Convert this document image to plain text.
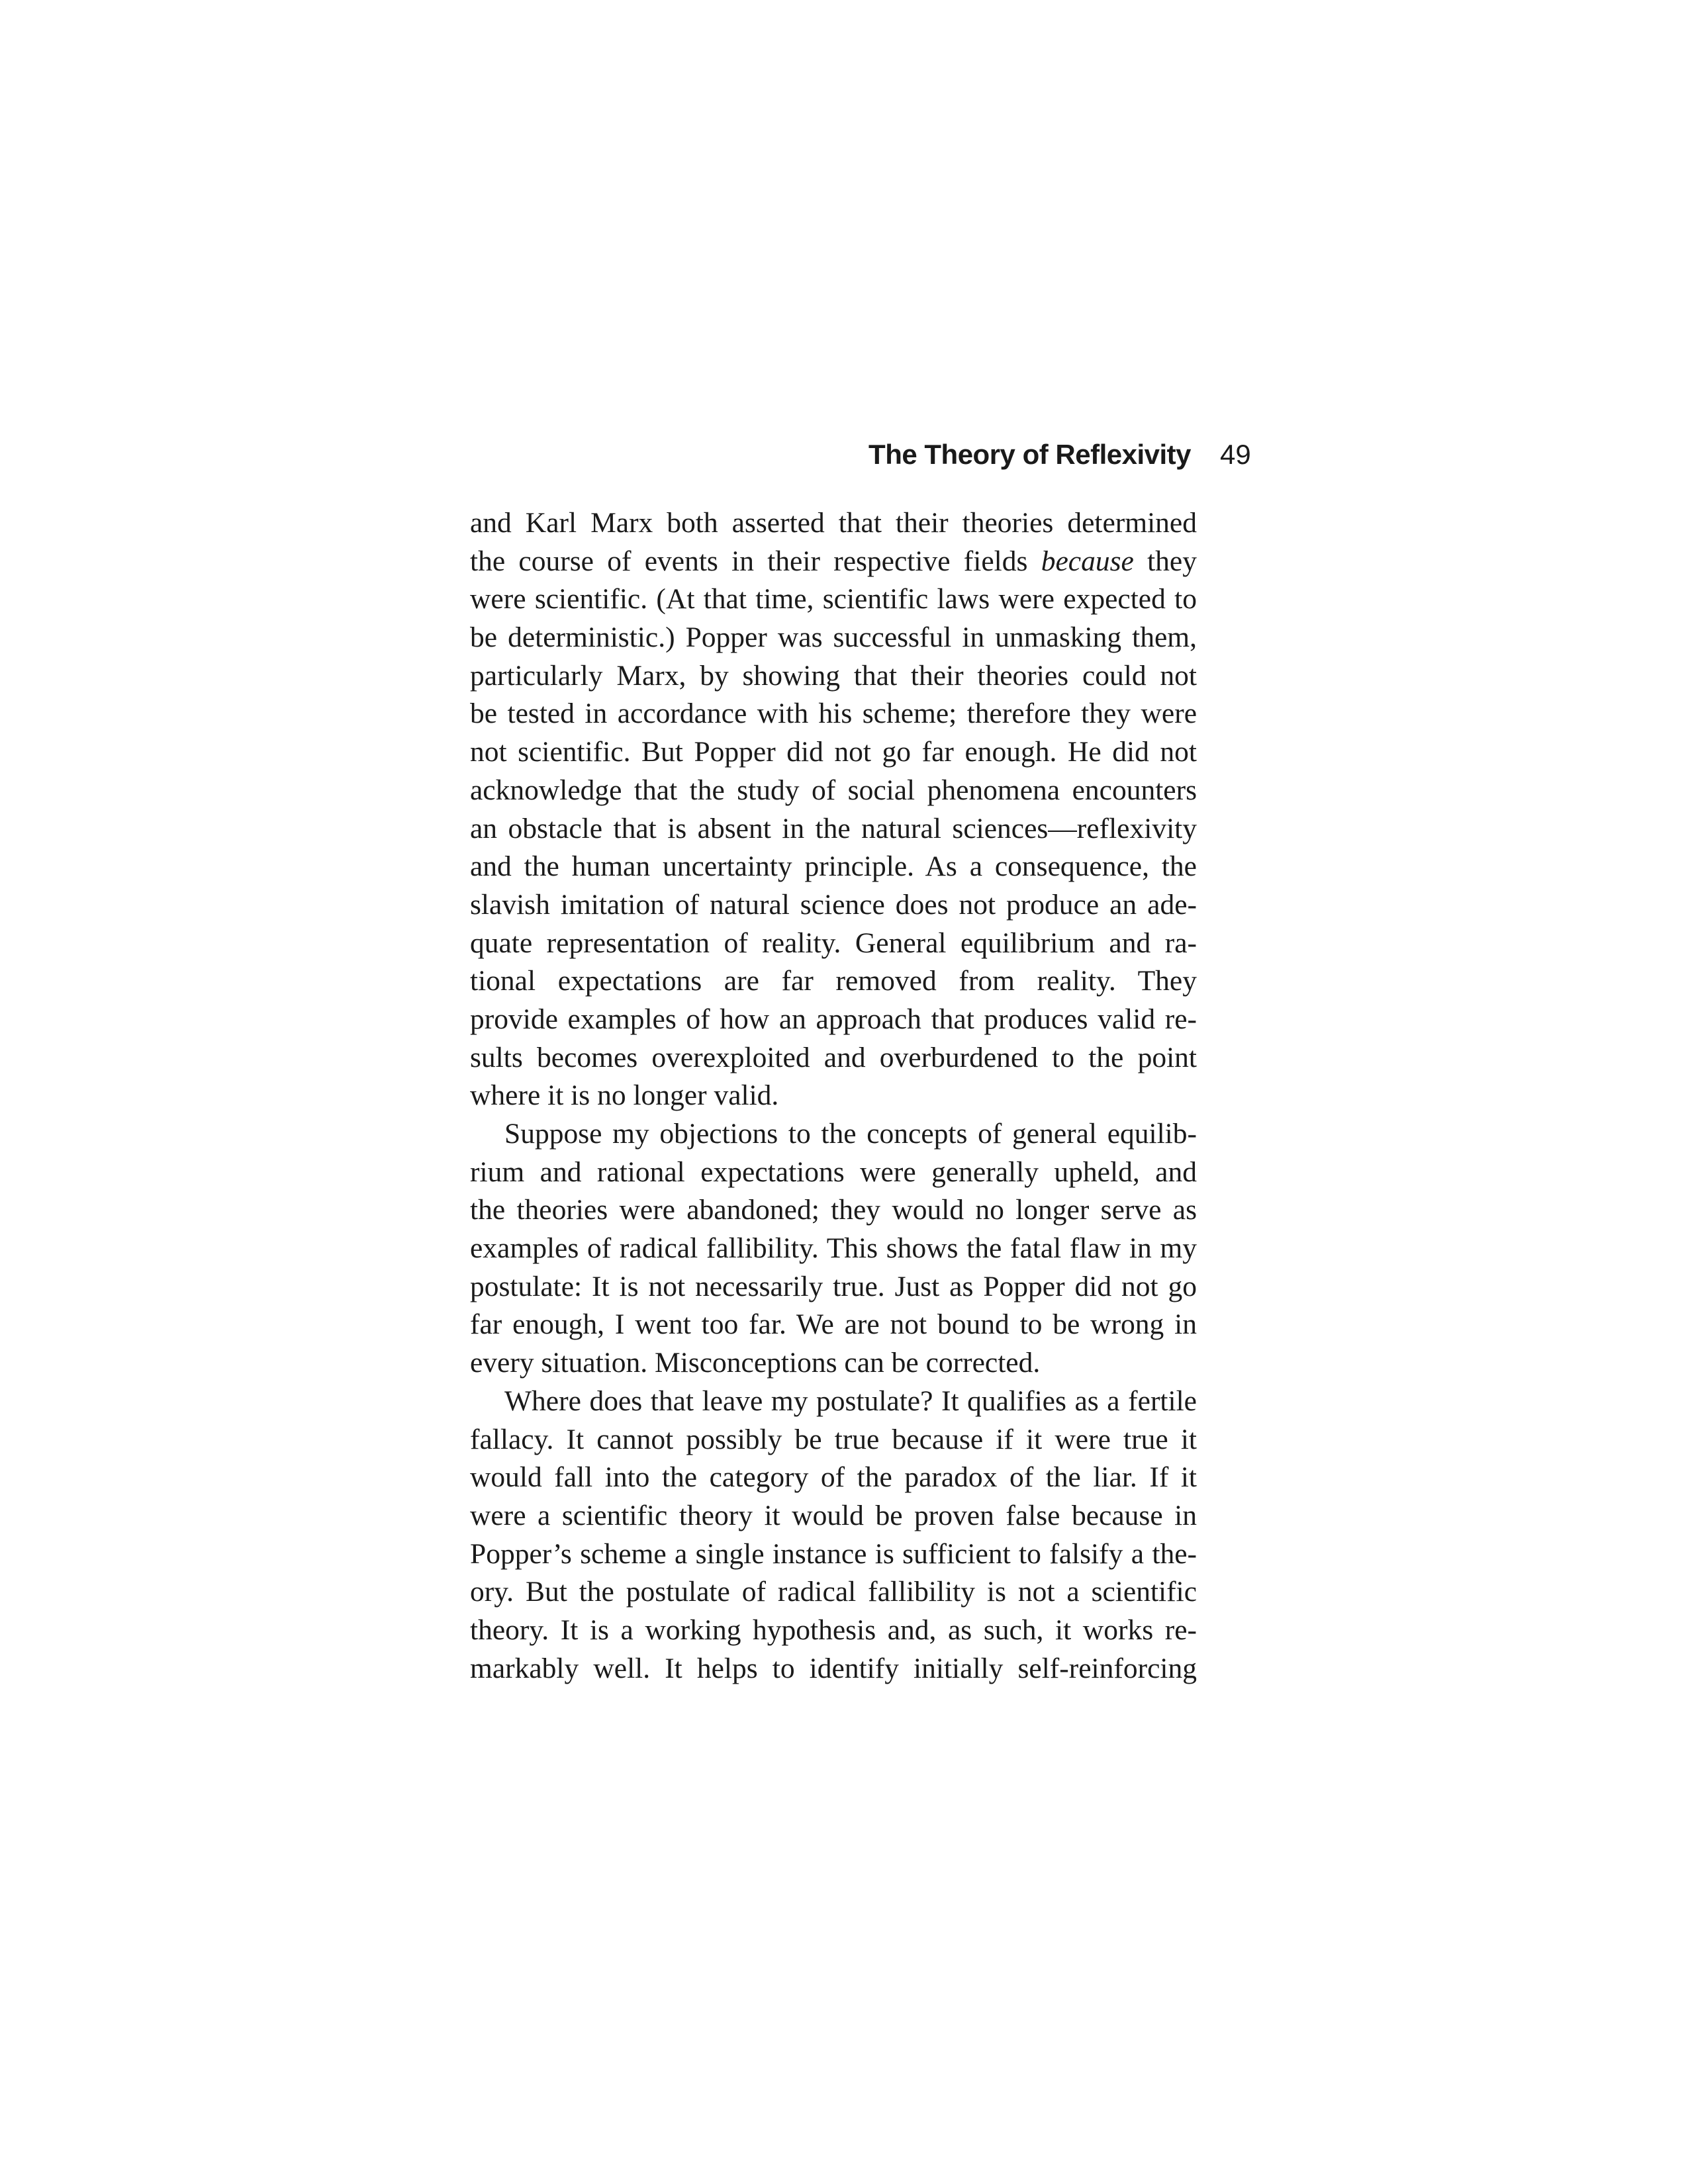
The Theory of Reflexivity 49
and Karl Marx both asserted that their theories determined
the course of events in their respective fields because they
were scientific. (At that time, scientific laws were expected to
be deterministic.) Popper was successful in unmasking them,
particularly Marx, by showing that their theories could not
be tested in accordance with his scheme; therefore they were
not scientific. But Popper did not go far enough. He did not
acknowledge that the study of social phenomena encounters
an obstacle that is absent in the natural sciences—reflexivity
and the human uncertainty principle. As a consequence, the
slavish imitation of natural science does not produce an ade-
quate representation of reality. General equilibrium and ra-
tional expectations are far removed from reality. They
provide examples of how an approach that produces valid re-
sults becomes overexploited and overburdened to the point
where it is no longer valid.
Suppose my objections to the concepts of general equilib-
rium and rational expectations were generally upheld, and
the theories were abandoned; they would no longer serve as
examples of radical fallibility. This shows the fatal flaw in my
postulate: It is not necessarily true. Just as Popper did not go
far enough, I went too far. We are not bound to be wrong in
every situation. Misconceptions can be corrected.
Where does that leave my postulate? It qualifies as a fertile
fallacy. It cannot possibly be true because if it were true it
would fall into the category of the paradox of the liar. If it
were a scientific theory it would be proven false because in
Popper’s scheme a single instance is sufficient to falsify a the-
ory. But the postulate of radical fallibility is not a scientific
theory. It is a working hypothesis and, as such, it works re-
markably well. It helps to identify initially self-reinforcing
